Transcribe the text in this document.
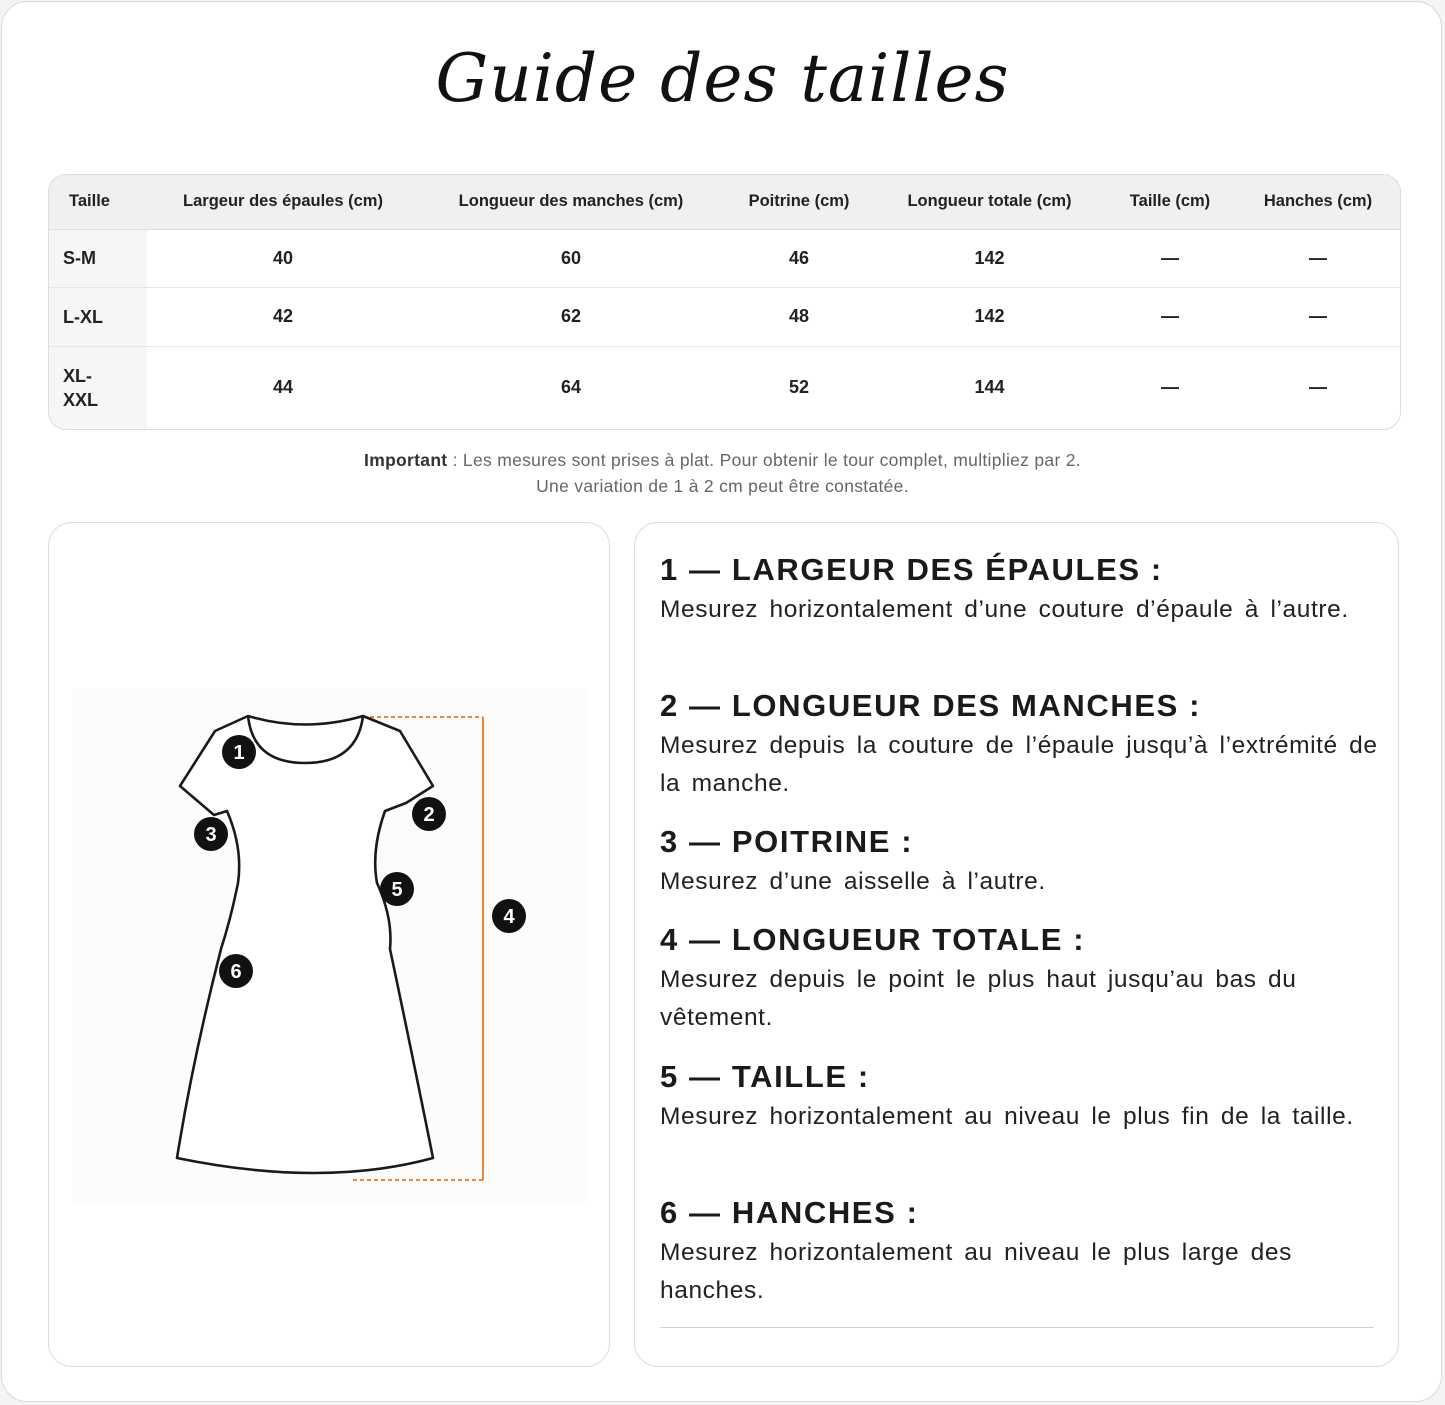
Guide des tailles
Taille	Largeur des épaules (cm)	Longueur des manches (cm)	Poitrine (cm)	Longueur totale (cm)	Taille (cm)	Hanches (cm)
S-M	40	60	46	142	—	—
L-XL	42	62	48	142	—	—
XL-XXL	44	64	52	144	—	—
Important : Les mesures sont prises à plat. Pour obtenir le tour complet, multipliez par 2.
Une variation de 1 à 2 cm peut être constatée.
1
2
3
4
5
6
1 — LARGEUR DES ÉPAULES :

Mesurez horizontalement d’une couture d’épaule à l’autre.

2 — LONGUEUR DES MANCHES :

Mesurez depuis la couture de l’épaule jusqu’à l’extrémité de la manche.

3 — POITRINE :

Mesurez d’une aisselle à l’autre.

4 — LONGUEUR TOTALE :

Mesurez depuis le point le plus haut jusqu’au bas du vêtement.

5 — TAILLE :

Mesurez horizontalement au niveau le plus fin de la taille.

6 — HANCHES :

Mesurez horizontalement au niveau le plus large des hanches.
